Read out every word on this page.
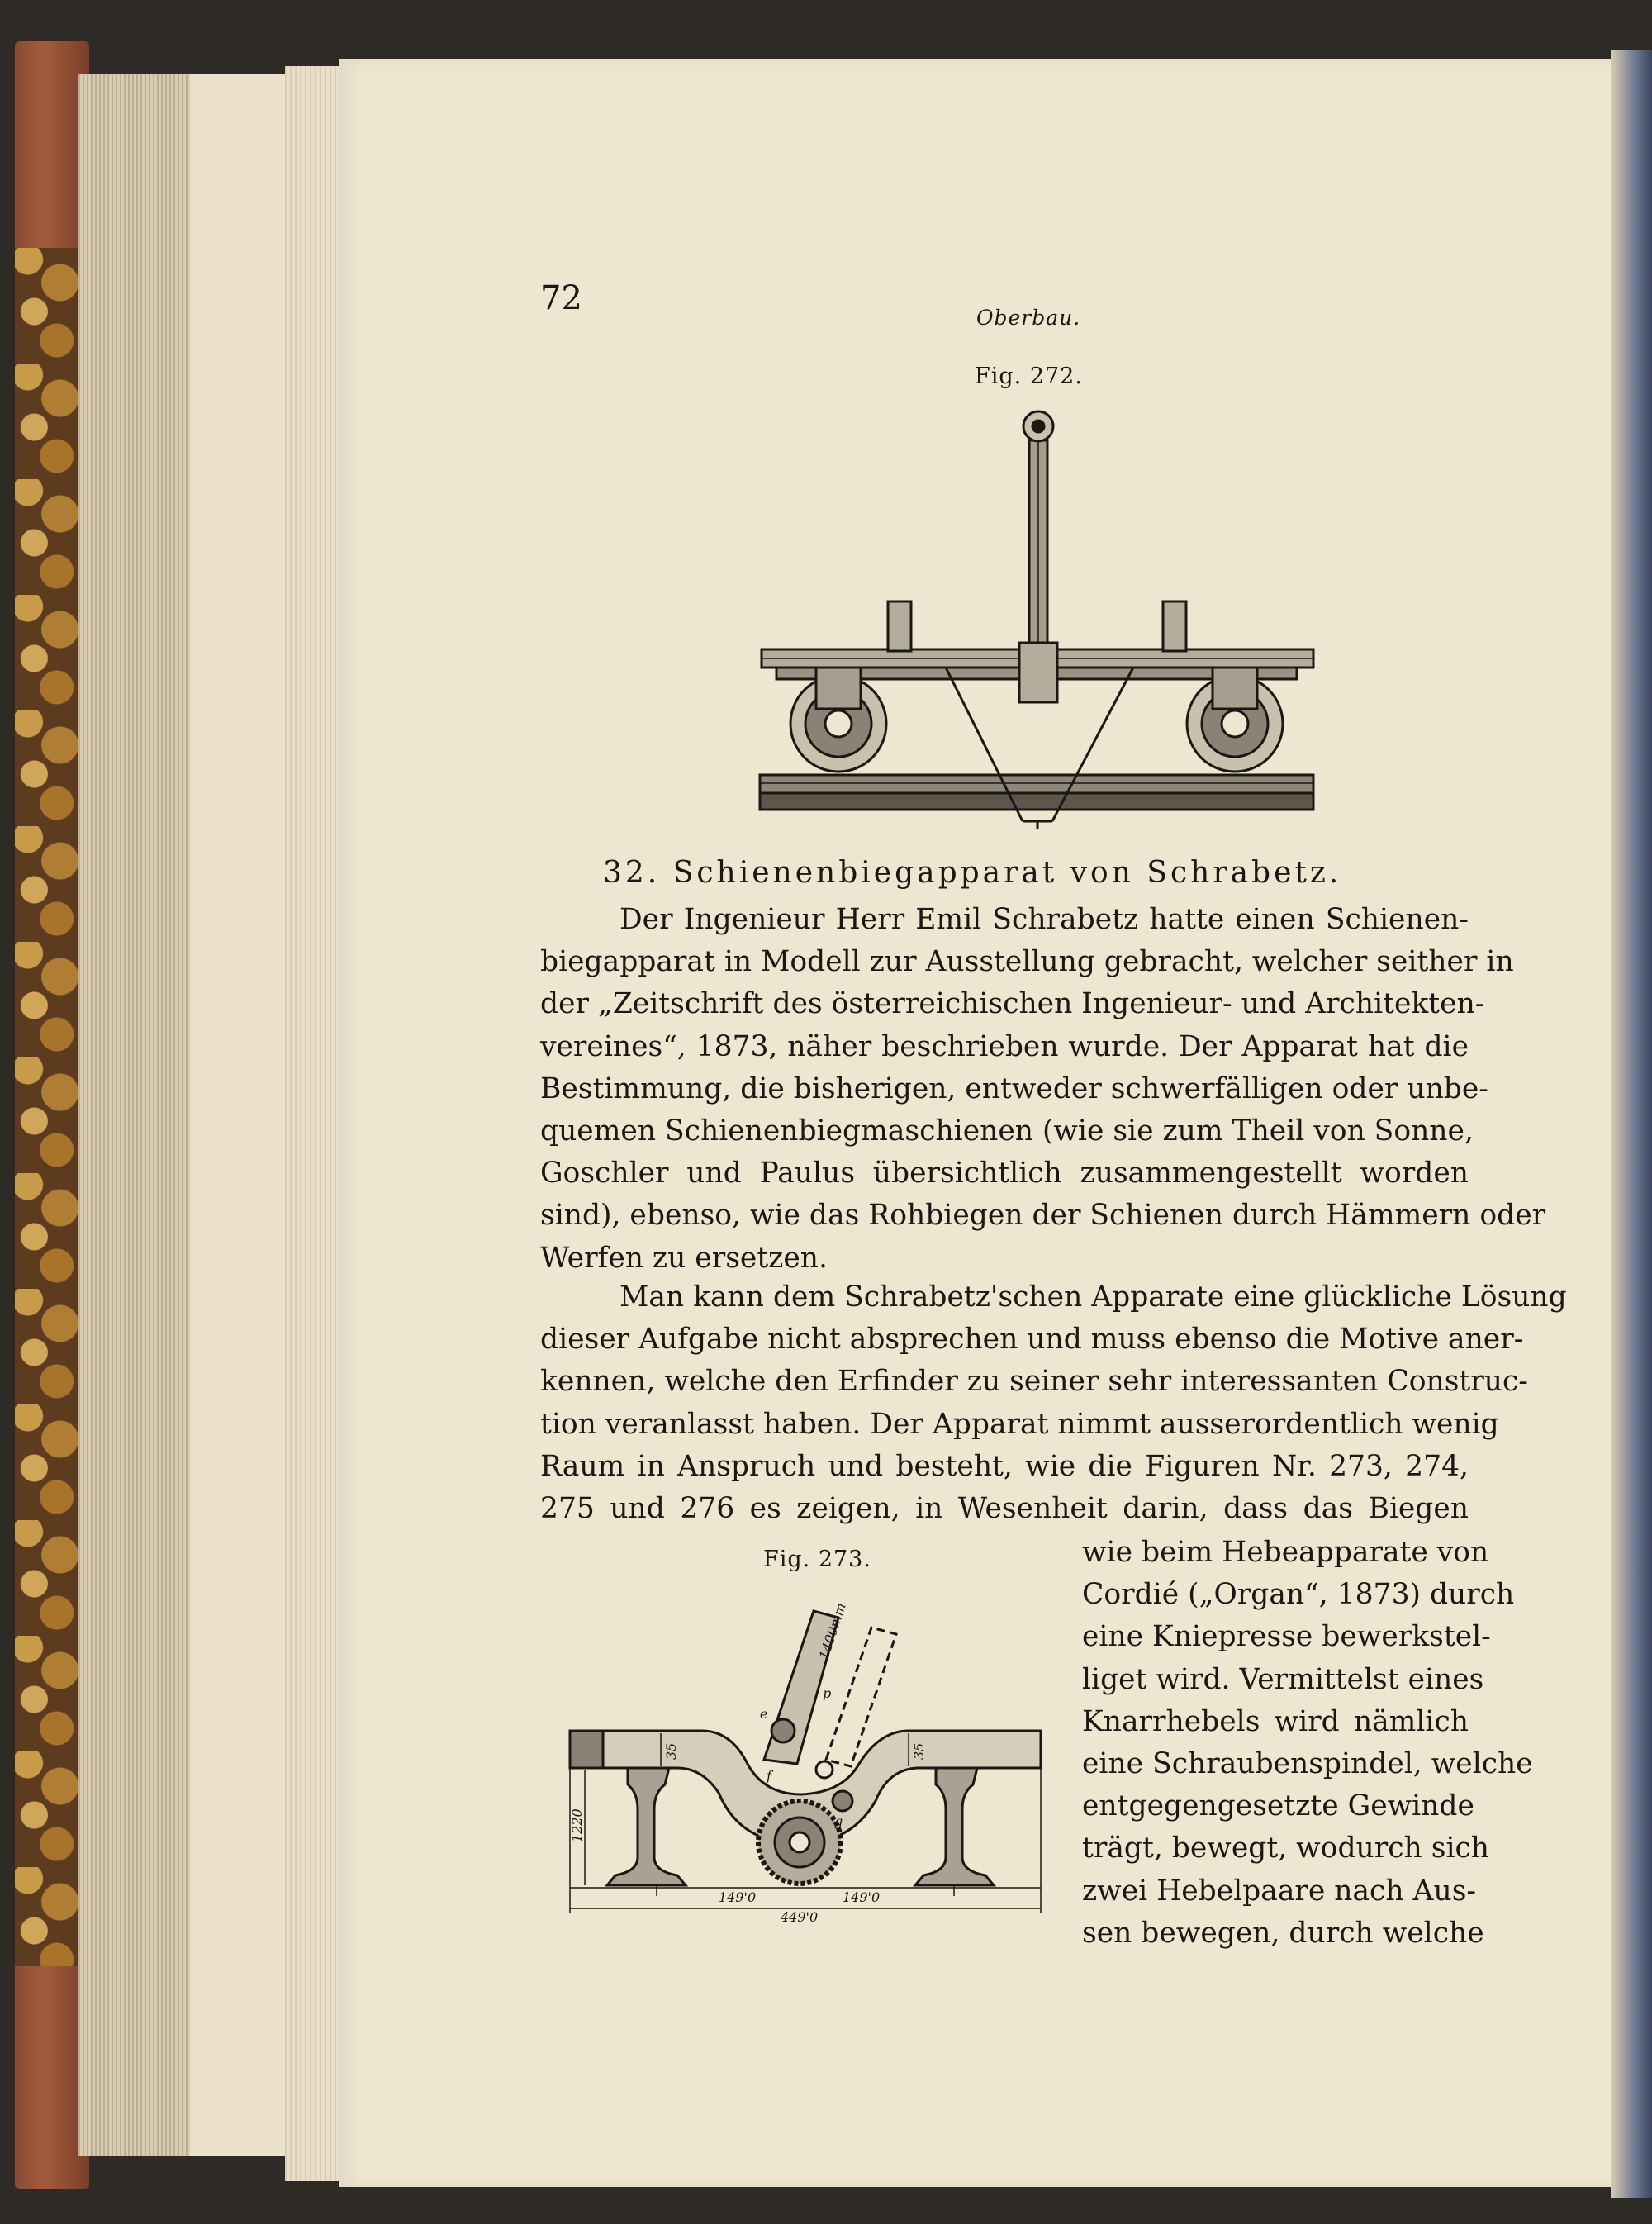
72
Oberbau.
Fig. 272.
32. Schienenbiegapparat von Schrabetz.
Der Ingenieur Herr Emil Schrabetz hatte einen Schienen-
biegapparat in Modell zur Ausstellung gebracht, welcher seither in
der „Zeitschrift des österreichischen Ingenieur- und Architekten-
vereines“, 1873, näher beschrieben wurde. Der Apparat hat die
Bestimmung, die bisherigen, entweder schwerfälligen oder unbe-
quemen Schienenbiegmaschienen (wie sie zum Theil von Sonne,
Goschler und Paulus übersichtlich zusammengestellt worden
sind), ebenso, wie das Rohbiegen der Schienen durch Hämmern oder
Werfen zu ersetzen.
Man kann dem Schrabetz'schen Apparate eine glückliche Lösung
dieser Aufgabe nicht absprechen und muss ebenso die Motive aner-
kennen, welche den Erfinder zu seiner sehr interessanten Construc-
tion veranlasst haben. Der Apparat nimmt ausserordentlich wenig
Raum in Anspruch und besteht, wie die Figuren Nr. 273, 274,
275 und 276 es zeigen, in Wesenheit darin, dass das Biegen
Fig. 273.
1220
35	35
1400mm
149'0	149'0
449'0
p
e
f
g
wie beim Hebeapparate von
Cordié („Organ“, 1873) durch
eine Kniepresse bewerkstel-
liget wird. Vermittelst eines
Knarrhebels wird nämlich
eine Schraubenspindel, welche
entgegengesetzte Gewinde
trägt, bewegt, wodurch sich
zwei Hebelpaare nach Aus-
sen bewegen, durch welche
